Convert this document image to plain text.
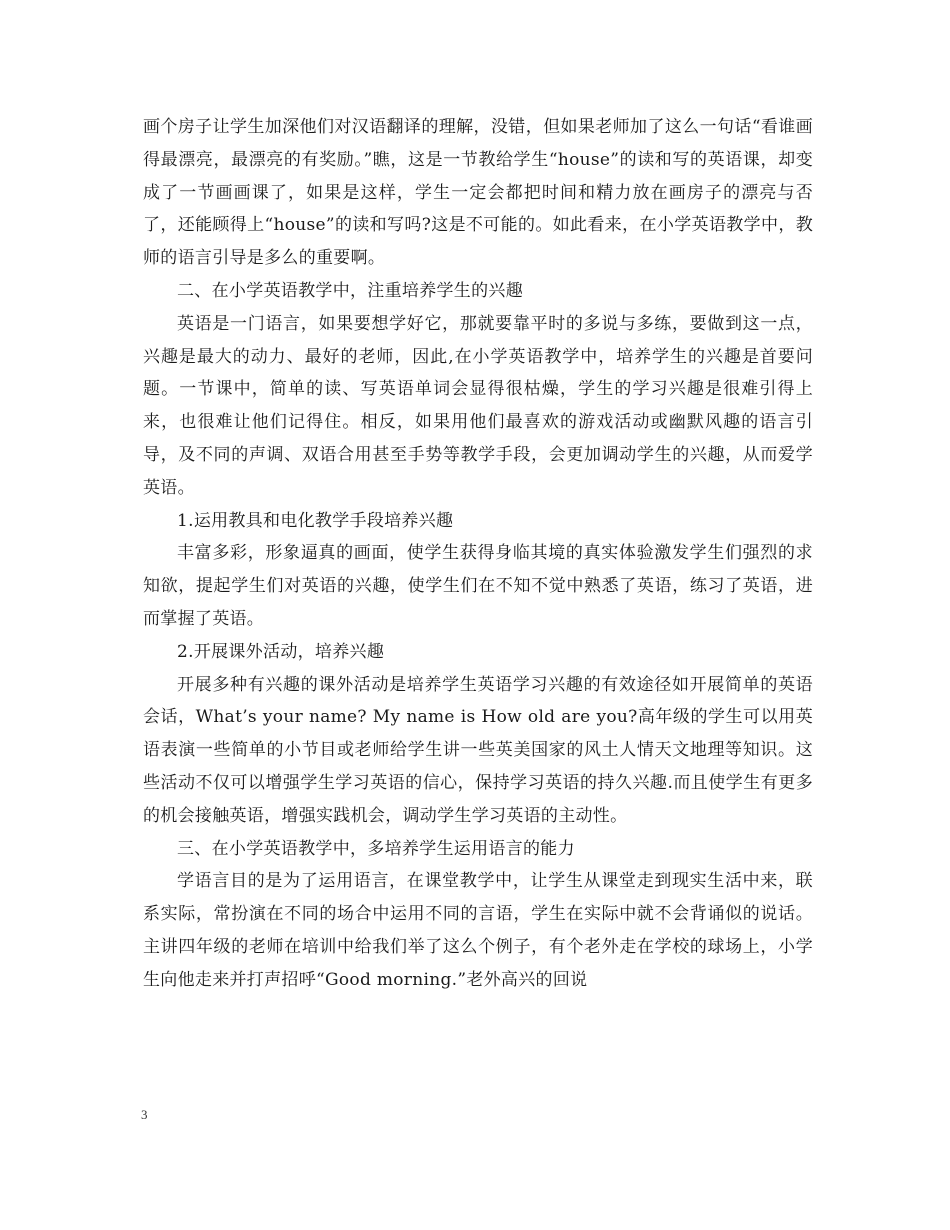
画个房子让学生加深他们对汉语翻译的理解，没错，但如果老师加了这么一句话“看谁画得最漂亮，最漂亮的有奖励。”瞧，这是一节教给学生“house”的读和写的英语课，却变成了一节画画课了，如果是这样，学生一定会都把时间和精力放在画房子的漂亮与否了，还能顾得上“house”的读和写吗?这是不可能的。如此看来，在小学英语教学中，教师的语言引导是多么的重要啊。

二、在小学英语教学中，注重培养学生的兴趣

英语是一门语言，如果要想学好它，那就要靠平时的多说与多练，要做到这一点，兴趣是最大的动力、最好的老师，因此,在小学英语教学中，培养学生的兴趣是首要问题。一节课中，简单的读、写英语单词会显得很枯燥，学生的学习兴趣是很难引得上来，也很难让他们记得住。相反，如果用他们最喜欢的游戏活动或幽默风趣的语言引导，及不同的声调、双语合用甚至手势等教学手段，会更加调动学生的兴趣，从而爱学英语。

1.运用教具和电化教学手段培养兴趣

丰富多彩，形象逼真的画面，使学生获得身临其境的真实体验激发学生们强烈的求知欲，提起学生们对英语的兴趣，使学生们在不知不觉中熟悉了英语，练习了英语，进而掌握了英语。

2.开展课外活动，培养兴趣

开展多种有兴趣的课外活动是培养学生英语学习兴趣的有效途径如开展简单的英语会话，What’s your name? My name is How old are you?高年级的学生可以用英语表演一些简单的小节目或老师给学生讲一些英美国家的风土人情天文地理等知识。这些活动不仅可以增强学生学习英语的信心，保持学习英语的持久兴趣.而且使学生有更多的机会接触英语，增强实践机会，调动学生学习英语的主动性。

三、在小学英语教学中，多培养学生运用语言的能力

学语言目的是为了运用语言，在课堂教学中，让学生从课堂走到现实生活中来，联系实际，常扮演在不同的场合中运用不同的言语，学生在实际中就不会背诵似的说话。主讲四年级的老师在培训中给我们举了这么个例子，有个老外走在学校的球场上，小学生向他走来并打声招呼“Good morning.”老外高兴的回说

3
